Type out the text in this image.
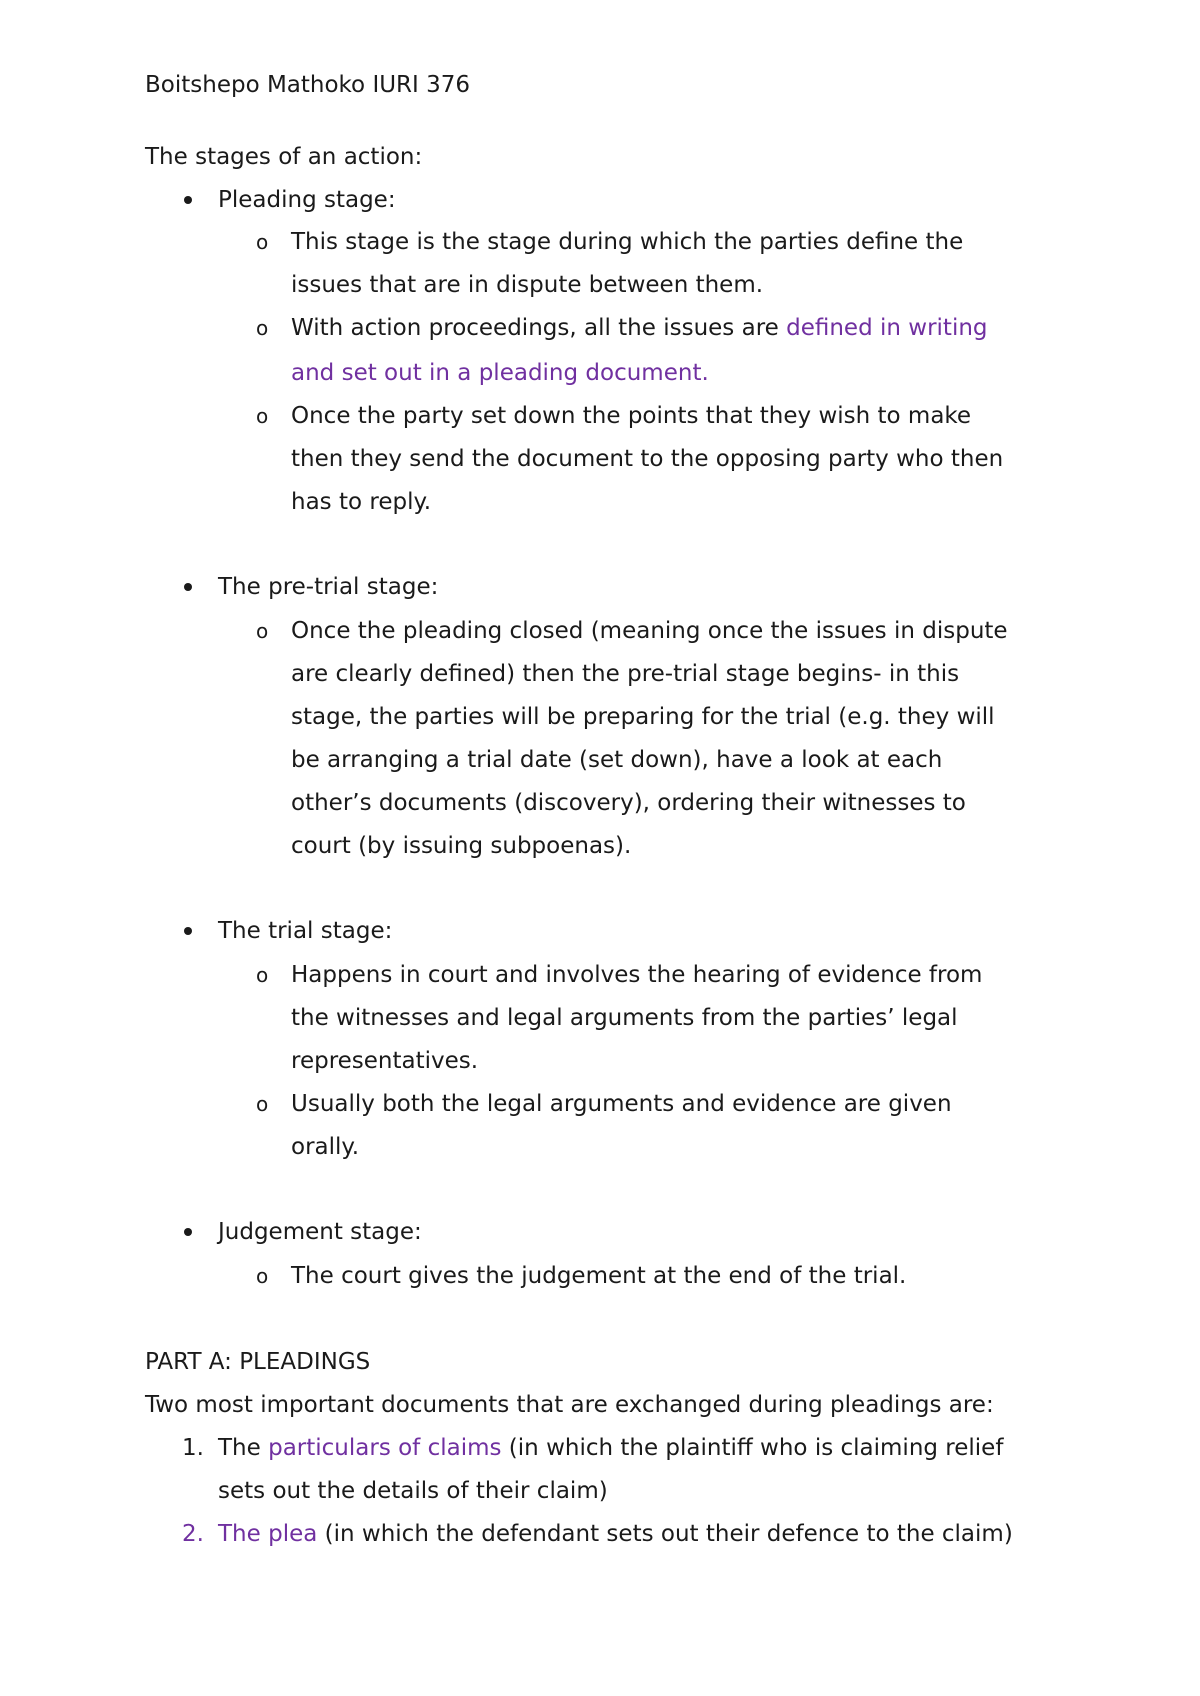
Boitshepo Mathoko IURI 376
The stages of an action:
Pleading stage:
o This stage is the stage during which the parties define the
issues that are in dispute between them.
o With action proceedings, all the issues are defined in writing
and set out in a pleading document.
o Once the party set down the points that they wish to make
then they send the document to the opposing party who then
has to reply.
The pre-trial stage:
o Once the pleading closed (meaning once the issues in dispute
are clearly defined) then the pre-trial stage begins- in this
stage, the parties will be preparing for the trial (e.g. they will
be arranging a trial date (set down), have a look at each
other’s documents (discovery), ordering their witnesses to
court (by issuing subpoenas).
The trial stage:
o Happens in court and involves the hearing of evidence from
the witnesses and legal arguments from the parties’ legal
representatives.
o Usually both the legal arguments and evidence are given
orally.
Judgement stage:
o The court gives the judgement at the end of the trial.
PART A: PLEADINGS
Two most important documents that are exchanged during pleadings are:
1. The particulars of claims (in which the plaintiff who is claiming relief
sets out the details of their claim)
2. The plea (in which the defendant sets out their defence to the claim)
